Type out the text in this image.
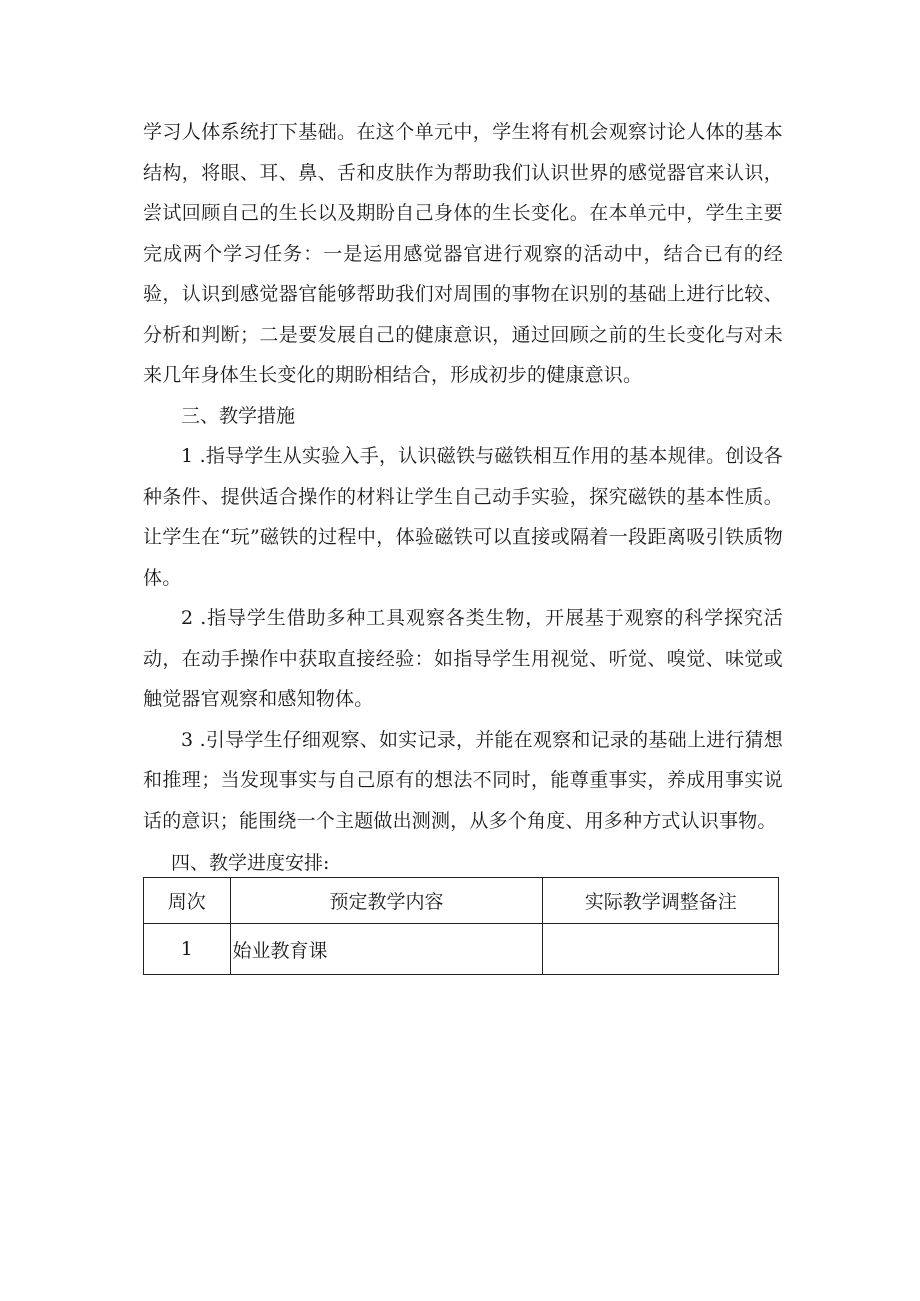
学习人体系统打下基础。在这个单元中，学生将有机会观察讨论人体的基本结构，将眼、耳、鼻、舌和皮肤作为帮助我们认识世界的感觉器官来认识，尝试回顾自己的生长以及期盼自己身体的生长变化。在本单元中，学生主要完成两个学习任务：一是运用感觉器官进行观察的活动中，结合已有的经验，认识到感觉器官能够帮助我们对周围的事物在识别的基础上进行比较、分析和判断；二是要发展自己的健康意识，通过回顾之前的生长变化与对未来几年身体生长变化的期盼相结合，形成初步的健康意识。

三、教学措施

1 .指导学生从实验入手，认识磁铁与磁铁相互作用的基本规律。创设各种条件、提供适合操作的材料让学生自己动手实验，探究磁铁的基本性质。让学生在“玩”磁铁的过程中，体验磁铁可以直接或隔着一段距离吸引铁质物体。

2 .指导学生借助多种工具观察各类生物，开展基于观察的科学探究活动，在动手操作中获取直接经验：如指导学生用视觉、听觉、嗅觉、味觉或触觉器官观察和感知物体。

3 .引导学生仔细观察、如实记录，并能在观察和记录的基础上进行猜想和推理；当发现事实与自己原有的想法不同时，能尊重事实，养成用事实说话的意识；能围绕一个主题做出测测，从多个角度、用多种方式认识事物。

四、教学进度安排:

周次	预定教学内容	实际教学调整备注
1	始业教育课	
